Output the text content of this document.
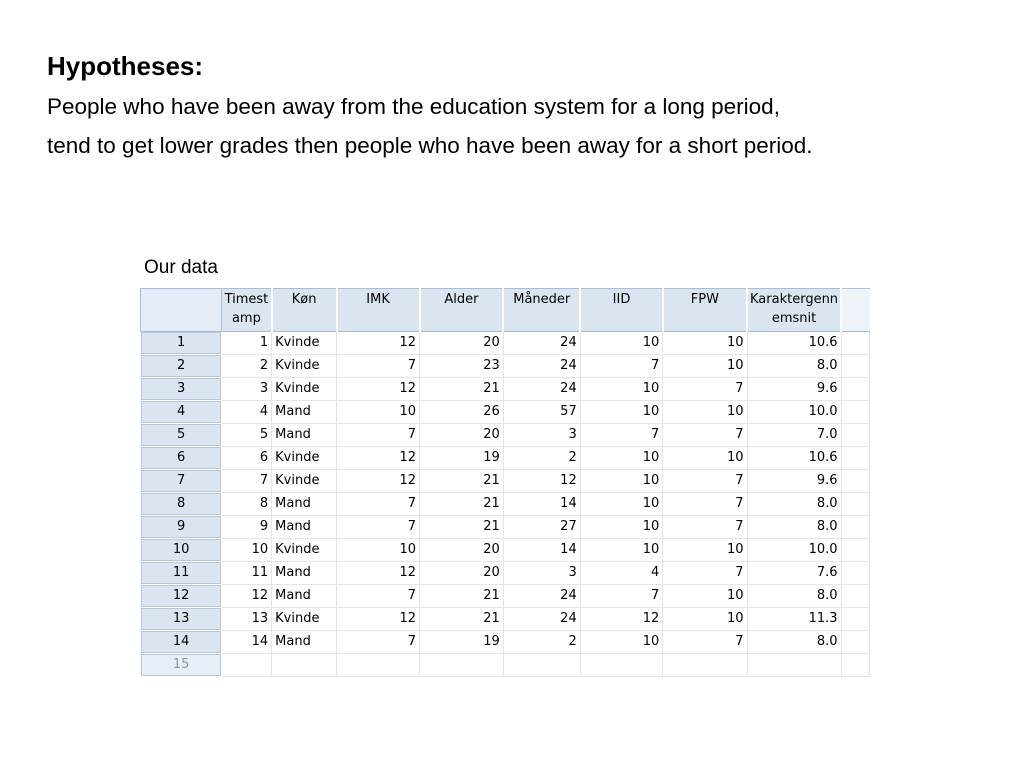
Hypotheses:

People who have been away from the education system for a long period,

tend to get lower grades then people who have been away for a short period.

Our data
	Timest amp	Køn	IMK	Alder	Måneder	IID	FPW	Karaktergenn emsnit	
1	1	Kvinde	12	20	24	10	10	10.6	
2	2	Kvinde	7	23	24	7	10	8.0	
3	3	Kvinde	12	21	24	10	7	9.6	
4	4	Mand	10	26	57	10	10	10.0	
5	5	Mand	7	20	3	7	7	7.0	
6	6	Kvinde	12	19	2	10	10	10.6	
7	7	Kvinde	12	21	12	10	7	9.6	
8	8	Mand	7	21	14	10	7	8.0	
9	9	Mand	7	21	27	10	7	8.0	
10	10	Kvinde	10	20	14	10	10	10.0	
11	11	Mand	12	20	3	4	7	7.6	
12	12	Mand	7	21	24	7	10	8.0	
13	13	Kvinde	12	21	24	12	10	11.3	
14	14	Mand	7	19	2	10	7	8.0	
15									
